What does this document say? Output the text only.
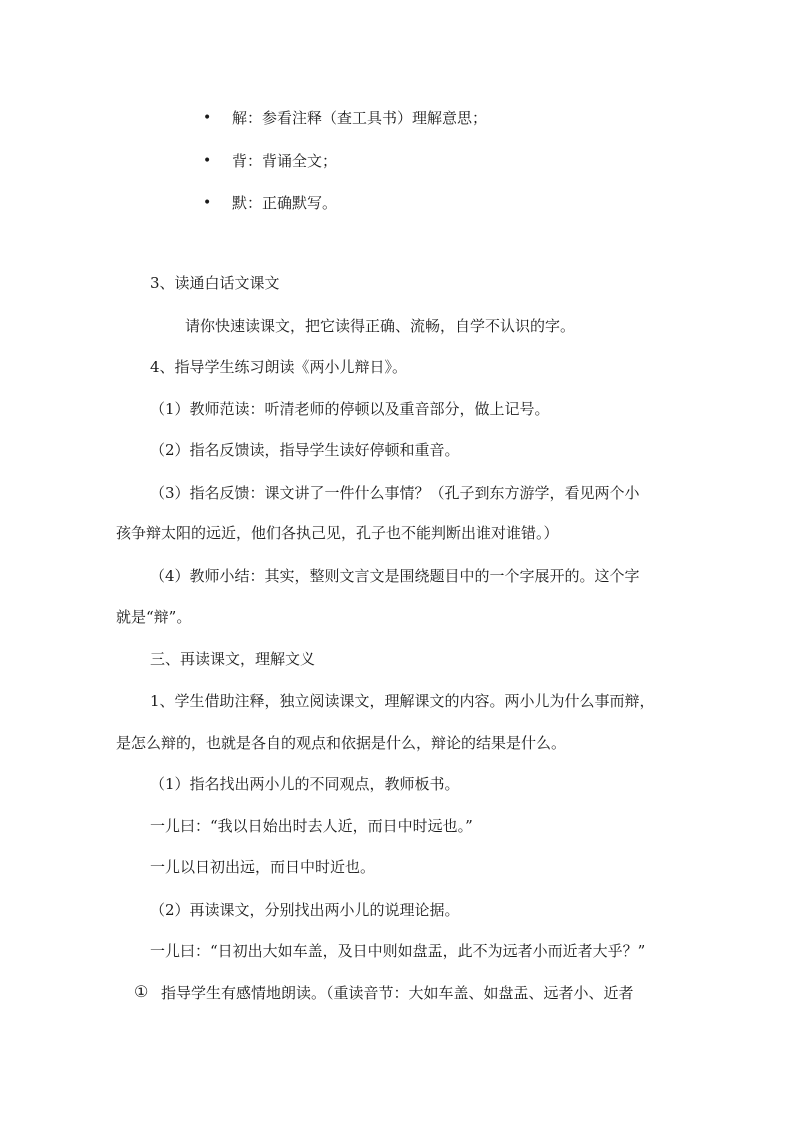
• 解：参看注释（查工具书）理解意思；
• 背：背诵全文；
• 默：正确默写。
3、读通白话文课文
请你快速读课文，把它读得正确、流畅，自学不认识的字。
4、指导学生练习朗读《两小儿辩日》。
（1）教师范读：听清老师的停顿以及重音部分，做上记号。
（2）指名反馈读，指导学生读好停顿和重音。
（3）指名反馈：课文讲了一件什么事情？（孔子到东方游学，看见两个小
孩争辩太阳的远近，他们各执己见，孔子也不能判断出谁对谁错。）
（4）教师小结：其实，整则文言文是围绕题目中的一个字展开的。这个字
就是“辩”。
三、再读课文，理解文义
1、学生借助注释，独立阅读课文，理解课文的内容。两小儿为什么事而辩，
是怎么辩的，也就是各自的观点和依据是什么，辩论的结果是什么。
（1）指名找出两小儿的不同观点，教师板书。
一儿曰：“我以日始出时去人近，而日中时远也。”
一儿以日初出远，而日中时近也。
（2）再读课文，分别找出两小儿的说理论据。
一儿曰：“日初出大如车盖，及日中则如盘盂，此不为远者小而近者大乎？”
① 指导学生有感情地朗读。（重读音节：大如车盖、如盘盂、远者小、近者
